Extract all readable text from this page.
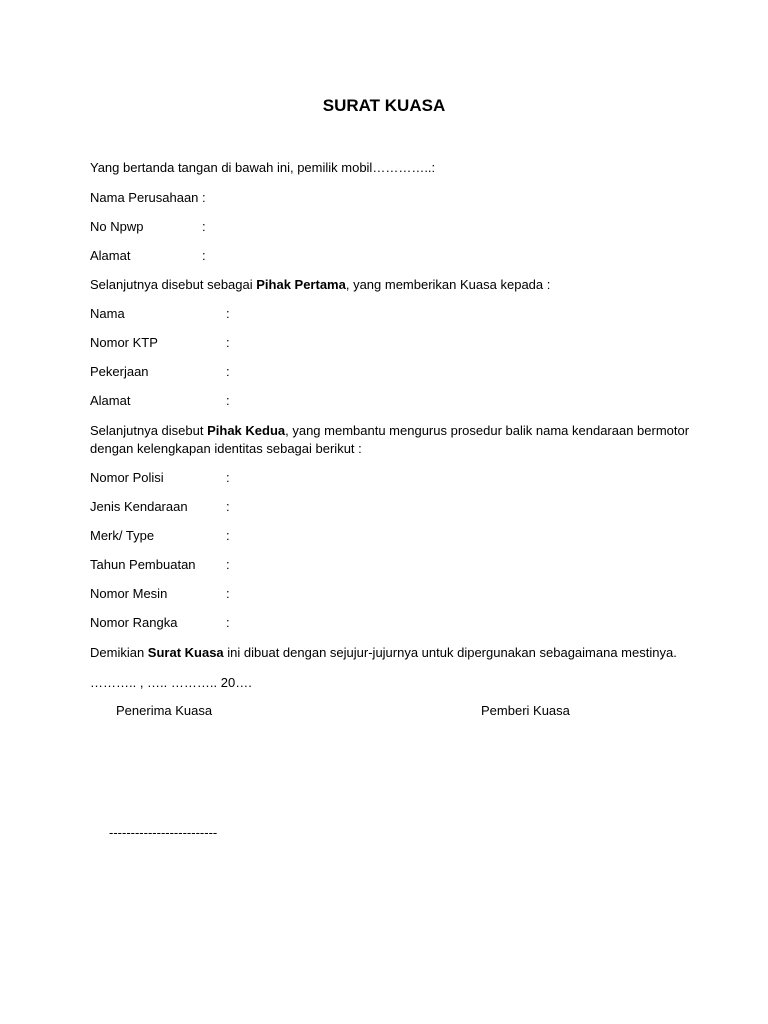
SURAT KUASA
Yang bertanda tangan di bawah ini, pemilik mobil…………..:
Nama Perusahaan :
No Npwp	:
Alamat	:
Selanjutnya disebut sebagai Pihak Pertama, yang memberikan Kuasa kepada :
Nama	:
Nomor KTP	:
Pekerjaan	:
Alamat	:
Selanjutnya disebut Pihak Kedua, yang membantu mengurus prosedur balik nama kendaraan bermotor dengan kelengkapan identitas sebagai berikut :
Nomor Polisi	:
Jenis Kendaraan	:
Merk/ Type	:
Tahun Pembuatan :
Nomor Mesin	:
Nomor Rangka	:
Demikian Surat Kuasa ini dibuat dengan sejujur-jujurnya untuk dipergunakan sebagaimana mestinya.
……….. , ….. ……….. 20….
Penerima Kuasa	Pemberi Kuasa
-------------------------
